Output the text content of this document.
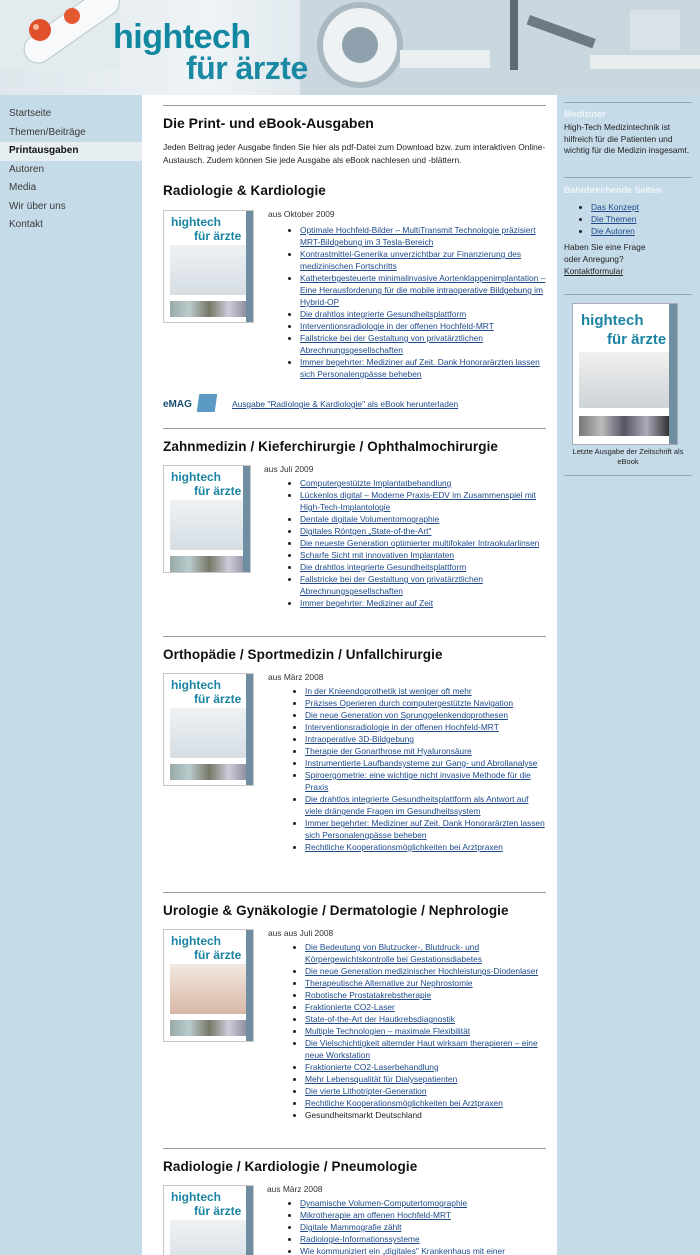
hightech
für ärzte
Startseite
Themen/Beiträge
Printausgaben
Autoren
Media
Wir über uns
Kontakt
Die Print- und eBook-Ausgaben

Jeden Beitrag jeder Ausgabe finden Sie hier als pdf-Datei zum Download bzw. zum interaktiven Online-Austausch. Zudem können Sie jede Ausgabe als eBook nachlesen und -blättern.

Radiologie & Kardiologie
hightech
für ärzte
aus Oktober 2009
• Optimale Hochfeld-Bilder – MultiTransmit Technologie präzisiert MRT-Bildgebung im 3 Tesla-Bereich
• Kontrastmittel-Generika unverzichtbar zur Finanzierung des medizinischen Fortschritts
• Katheterbgesteuerte minimalinvasive Aortenklappenimplantation – Eine Herausforderung für die mobile intraoperative Bildgebung im Hybrid-OP
• Die drahtlos integrierte Gesundheitsplattform
• Interventionsradiologie in der offenen Hochfeld-MRT
• Fallstricke bei der Gestaltung von privatärztlichen Abrechnungsgesellschaften
• Immer begehrter: Mediziner auf Zeit. Dank Honorarärzten lassen sich Personalengpässe beheben
eMAG	Ausgabe "Radiologie & Kardiologie" als eBook herunterladen
Zahnmedizin / Kieferchirurgie / Ophthalmochirurgie
hightech
für ärzte
aus Juli 2009
• Computergestützte Implantatbehandlung
• Lückenlos digital – Moderne Praxis-EDV im Zusammenspiel mit High-Tech-Implantologie
• Dentale digitale Volumentomographie
• Digitales Röntgen „State-of-the-Art"
• Die neueste Generation optimierter multifokaler Intraokularlinsen
• Scharfe Sicht mit innovativen Implantaten
• Die drahtlos integrierte Gesundheitsplattform
• Fallstricke bei der Gestaltung von privatärztlichen Abrechnungsgesellschaften
• Immer begehrter: Mediziner auf Zeit
Orthopädie / Sportmedizin / Unfallchirurgie
hightech
für ärzte
aus März 2008
• In der Knieendoprothetik ist weniger oft mehr
• Präzises Operieren durch computergestützte Navigation
• Die neue Generation von Sprunggelenkendoprothesen
• Interventionsradiologie in der offenen Hochfeld-MRT
• Intraoperative 3D-Bildgebung
• Therapie der Gonarthrose mit Hyaluronsäure
• Instrumentierte Laufbandsysteme zur Gang- und Abrollanalyse
• Spiroergometrie: eine wichtige nicht invasive Methode für die Praxis
• Die drahtlos integrierte Gesundheitsplattform als Antwort auf viele drängende Fragen im Gesundheitssystem
• Immer begehrter: Mediziner auf Zeit. Dank Honorarärzten lassen sich Personalengpässe beheben
• Rechtliche Kooperationsmöglichkeiten bei Arztpraxen
Urologie & Gynäkologie / Dermatologie / Nephrologie
hightech
für ärzte
aus aus Juli 2008
• Die Bedeutung von Blutzucker-, Blutdruck- und Körpergewichtskontrolle bei Gestationsdiabetes
• Die neue Generation medizinischer Hochleistungs-Diodenlaser
• Therapeutische Alternative zur Nephrostomie
• Robotische Prostatakrebstherapie
• Fraktionierte CO2-Laser
• State-of-the-Art der Hautkrebsdiagnostik
• Multiple Technologien – maximale Flexibilität
• Die Vielschichtigkeit alternder Haut wirksam therapieren – eine neue Workstation
• Fraktionierte CO2-Laserbehandlung
• Mehr Lebensqualität für Dialysepatienten
• Die vierte Lithotripter-Generation
• Rechtliche Kooperationsmöglichkeiten bei Arztpraxen
• Gesundheitsmarkt Deutschland
Radiologie / Kardiologie / Pneumologie
hightech
für ärzte
aus März 2008
• Dynamische Volumen-Computertomographie
• Mikrotherapie am offenen Hochfeld-MRT
• Digitale Mammografie zählt
• Radiologie-Informationssysteme
• Wie kommuniziert ein „digitales" Krankenhaus mit einer
Mediziner
High-Tech Medizintechnik ist hilfreich für die Patienten und wichtig für die Medizin insgesamt.
Bahnbrechende Seiten
• Das Konzept
• Die Themen
• Die Autoren
Haben Sie eine Frage oder Anregung?
Kontaktformular
hightech
für ärzte
Letzte Ausgabe der Zeitschrift als eBook
